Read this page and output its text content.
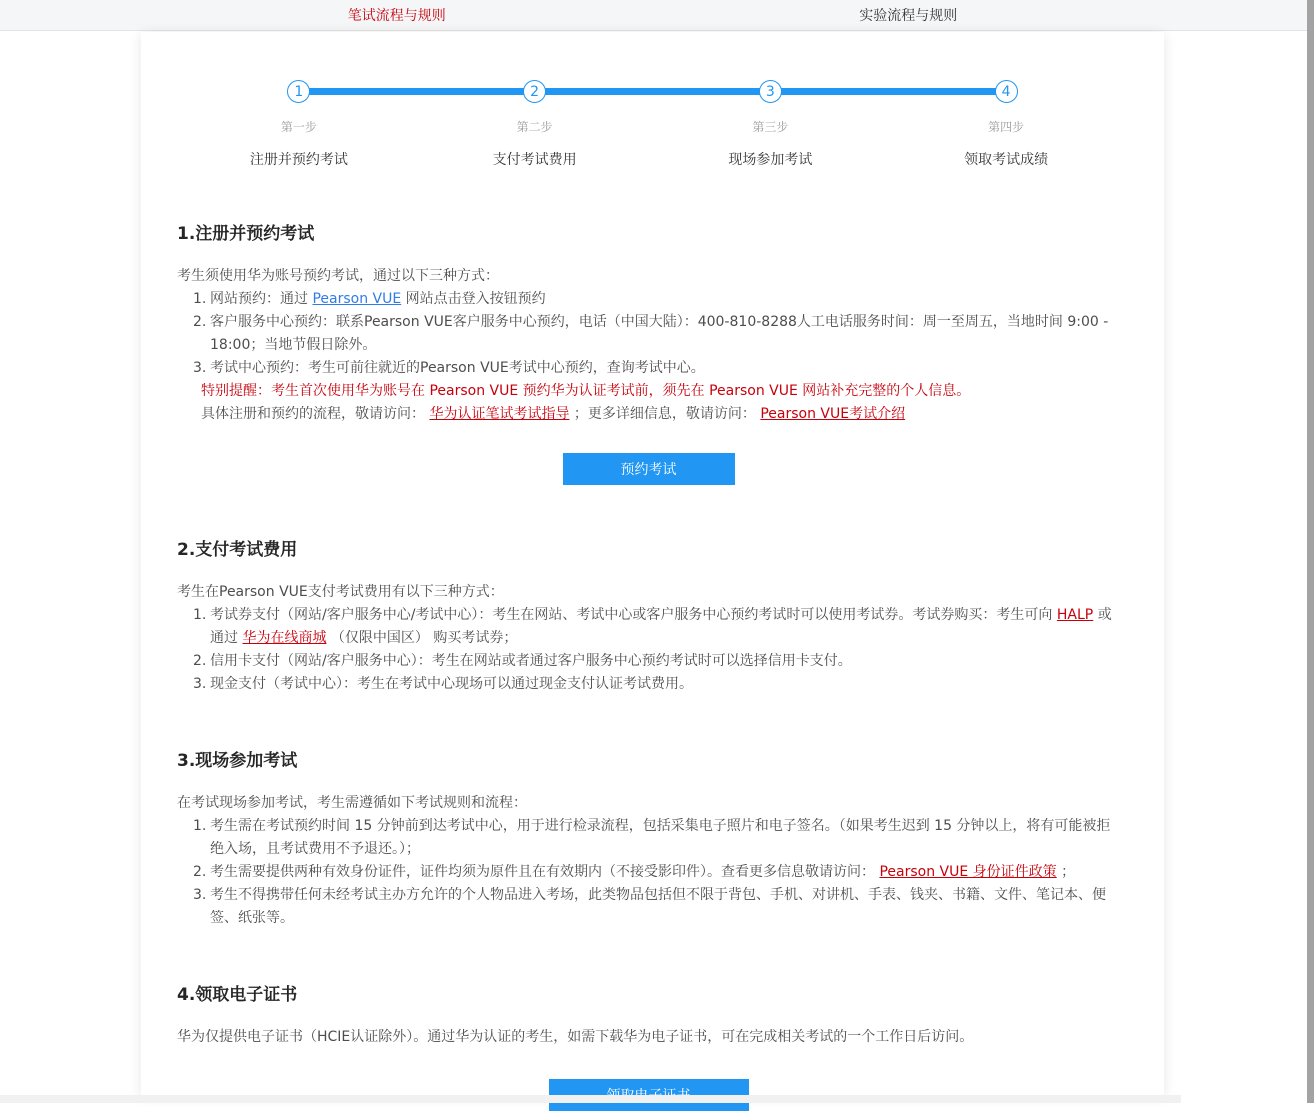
笔试流程与规则	实验流程与规则
1
第一步
注册并预约考试
2
第二步
支付考试费用
3
第三步
现场参加考试
4
第四步
领取考试成绩
1.注册并预约考试
考生须使用华为账号预约考试，通过以下三种方式：
1. 网站预约：通过 Pearson VUE 网站点击登入按钮预约
2. 客户服务中心预约：联系Pearson VUE客户服务中心预约，电话（中国大陆）：400-810-8288人工电话服务时间：周一至周五，当地时间 9:00 - 18:00；当地节假日除外。
3. 考试中心预约：考生可前往就近的Pearson VUE考试中心预约，查询考试中心。
特别提醒：考生首次使用华为账号在 Pearson VUE 预约华为认证考试前，须先在 Pearson VUE 网站补充完整的个人信息。
具体注册和预约的流程，敬请访问： 华为认证笔试考试指导 ；更多详细信息，敬请访问： Pearson VUE考试介绍
预约考试
2.支付考试费用
考生在Pearson VUE支付考试费用有以下三种方式：
1. 考试券支付（网站/客户服务中心/考试中心）：考生在网站、考试中心或客户服务中心预约考试时可以使用考试券。考试券购买：考生可向 HALP 或通过 华为在线商城 （仅限中国区） 购买考试券；
2. 信用卡支付（网站/客户服务中心）：考生在网站或者通过客户服务中心预约考试时可以选择信用卡支付。
3. 现金支付（考试中心）：考生在考试中心现场可以通过现金支付认证考试费用。
3.现场参加考试
在考试现场参加考试，考生需遵循如下考试规则和流程：
1. 考生需在考试预约时间 15 分钟前到达考试中心，用于进行检录流程，包括采集电子照片和电子签名。（如果考生迟到 15 分钟以上，将有可能被拒绝入场，且考试费用不予退还。）；
2. 考生需要提供两种有效身份证件，证件均须为原件且在有效期内（不接受影印件）。查看更多信息敬请访问： Pearson VUE 身份证件政策 ；
3. 考生不得携带任何未经考试主办方允许的个人物品进入考场，此类物品包括但不限于背包、手机、对讲机、手表、钱夹、书籍、文件、笔记本、便签、纸张等。
4.领取电子证书
华为仅提供电子证书（HCIE认证除外）。通过华为认证的考生，如需下载华为电子证书，可在完成相关考试的一个工作日后访问。
